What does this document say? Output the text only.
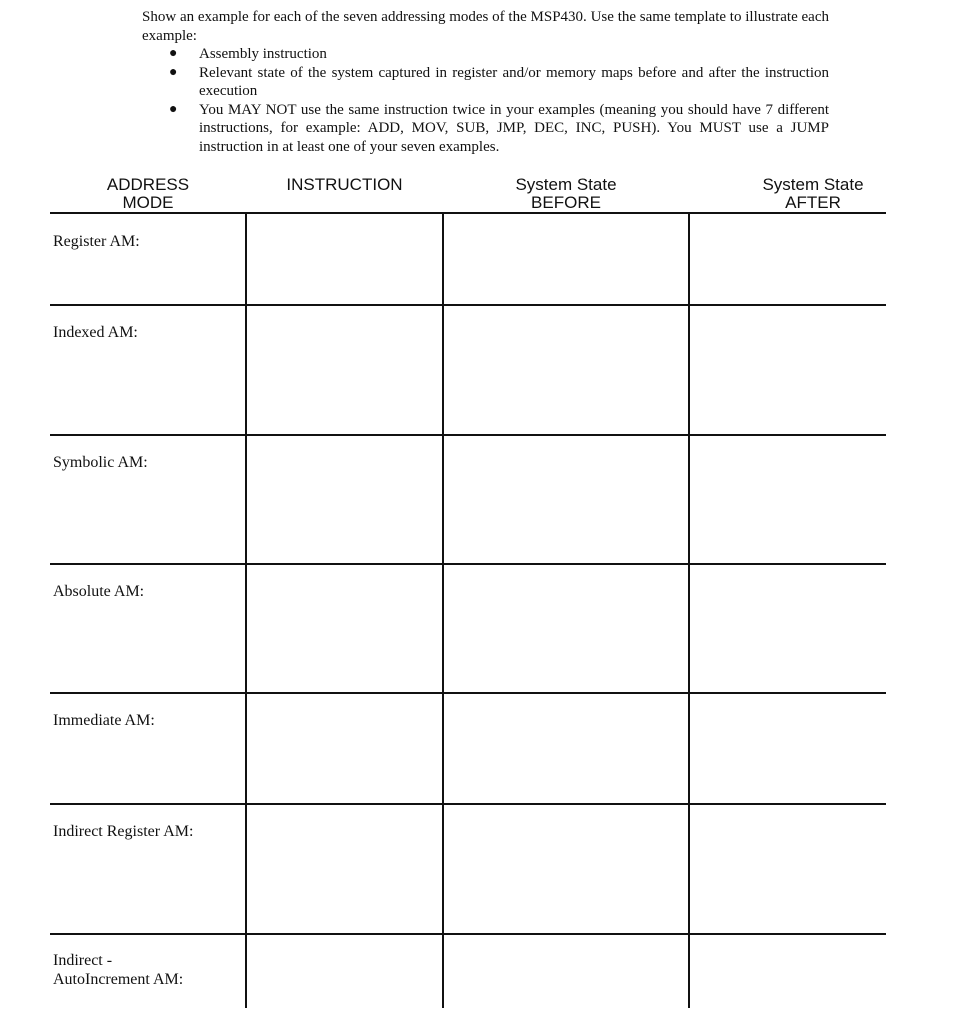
Show an example for each of the seven addressing modes of the MSP430. Use the same template to illustrate each example:
● Assembly instruction
● Relevant state of the system captured in register and/or memory maps before and after the instruction execution
● You MAY NOT use the same instruction twice in your examples (meaning you should have 7 different instructions, for example: ADD, MOV, SUB, JMP, DEC, INC, PUSH). You MUST use a JUMP instruction in at least one of your seven examples.
ADDRESS
MODE
INSTRUCTION	System State
BEFORE
System State
AFTER
Register AM:
Indexed AM:
Symbolic AM:
Absolute AM:
Immediate AM:
Indirect Register AM:
Indirect -
AutoIncrement AM:
